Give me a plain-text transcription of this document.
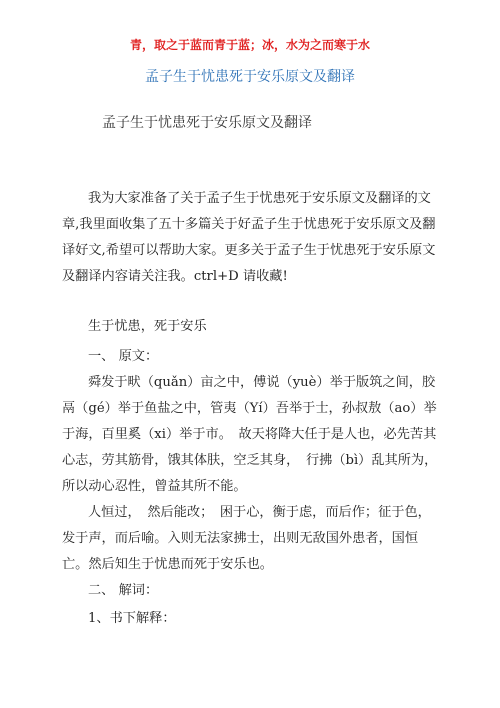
青，取之于蓝而青于蓝；冰，水为之而寒于水
孟子生于忧患死于安乐原文及翻译
孟子生于忧患死于安乐原文及翻译

我为大家准备了关于孟子生于忧患死于安乐原文及翻译的文章,我里面收集了五十多篇关于好孟子生于忧患死于安乐原文及翻译好文,希望可以帮助大家。更多关于孟子生于忧患死于安乐原文及翻译内容请关注我。ctrl+D 请收藏!

生于忧患，死于安乐

一、 原文：

舜发于畎（quǎn）亩之中，傅说（yuè）举于版筑之间，胶鬲（gé）举于鱼盐之中，管夷（Yí）吾举于士，孙叔敖（ao）举于海，百里奚（xi）举于市。　故天将降大任于是人也，必先苦其心志，劳其筋骨，饿其体肤，空乏其身，　行拂（bì）乱其所为，所以动心忍性，曾益其所不能。

人恒过，　然后能改；　困于心，衡于虑，而后作；征于色，发于声，而后喻。入则无法家拂士，出则无敌国外患者，国恒亡。然后知生于忧患而死于安乐也。

二、 解词：

1、书下解释：
